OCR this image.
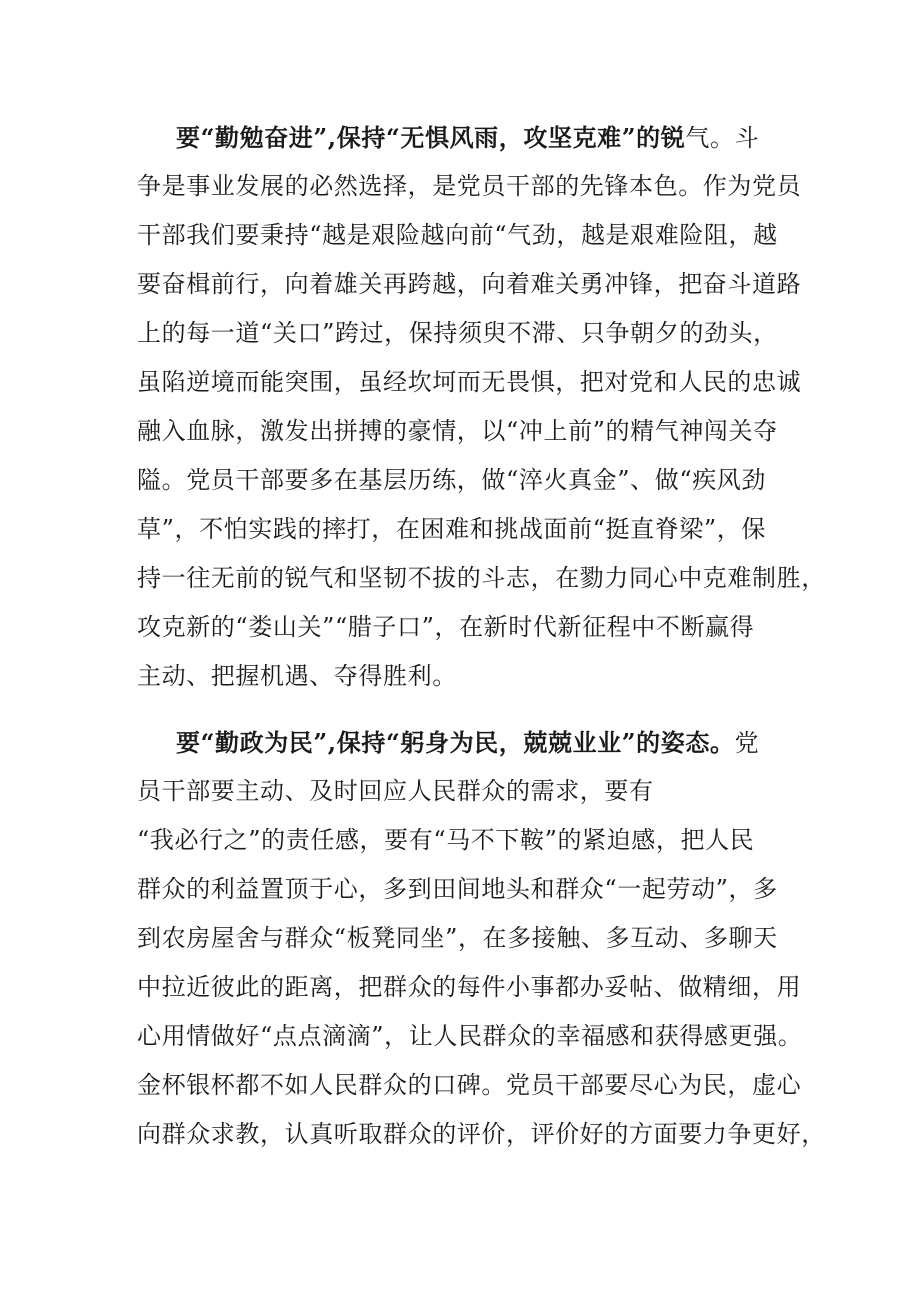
要“勤勉奋进”,保持“无惧风雨，攻坚克难”的锐气。斗
争是事业发展的必然选择，是党员干部的先锋本色。作为党员
干部我们要秉持“越是艰险越向前“气劲，越是艰难险阻，越
要奋楫前行，向着雄关再跨越，向着难关勇冲锋，把奋斗道路
上的每一道“关口”跨过，保持须臾不滞、只争朝夕的劲头，
虽陷逆境而能突围，虽经坎坷而无畏惧，把对党和人民的忠诚
融入血脉，激发出拼搏的豪情，以“冲上前”的精气神闯关夺
隘。党员干部要多在基层历练，做“淬火真金”、做“疾风劲
草”，不怕实践的摔打，在困难和挑战面前“挺直脊梁”，保
持一往无前的锐气和坚韧不拔的斗志，在勠力同心中克难制胜，
攻克新的“娄山关”“腊子口”，在新时代新征程中不断赢得
主动、把握机遇、夺得胜利。
要“勤政为民”,保持“躬身为民，兢兢业业”的姿态。党
员干部要主动、及时回应人民群众的需求，要有
“我必行之”的责任感，要有“马不下鞍”的紧迫感，把人民
群众的利益置顶于心，多到田间地头和群众“一起劳动”，多
到农房屋舍与群众“板凳同坐”，在多接触、多互动、多聊天
中拉近彼此的距离，把群众的每件小事都办妥帖、做精细，用
心用情做好“点点滴滴”，让人民群众的幸福感和获得感更强。
金杯银杯都不如人民群众的口碑。党员干部要尽心为民，虚心
向群众求教，认真听取群众的评价，评价好的方面要力争更好，
